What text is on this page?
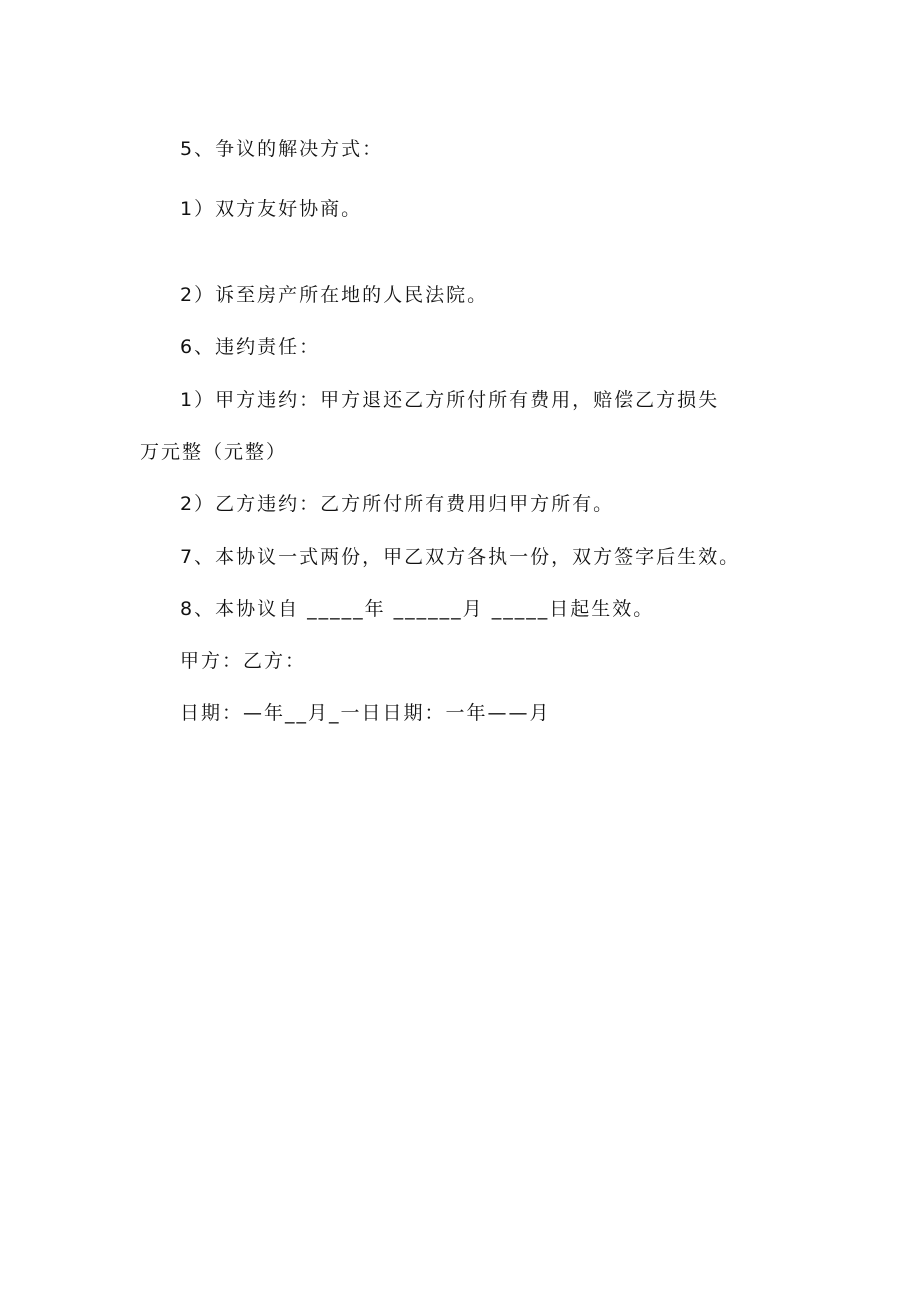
5、争议的解决方式：
1）双方友好协商。
2）诉至房产所在地的人民法院。
6、违约责任：
1）甲方违约：甲方退还乙方所付所有费用，赔偿乙方损失
万元整（元整）
2）乙方违约：乙方所付所有费用归甲方所有。
7、本协议一式两份，甲乙双方各执一份，双方签字后生效。
8、本协议自 _____年 ______月 _____日起生效。
甲方：乙方：
日期：—年__月_一日日期：一年——月
